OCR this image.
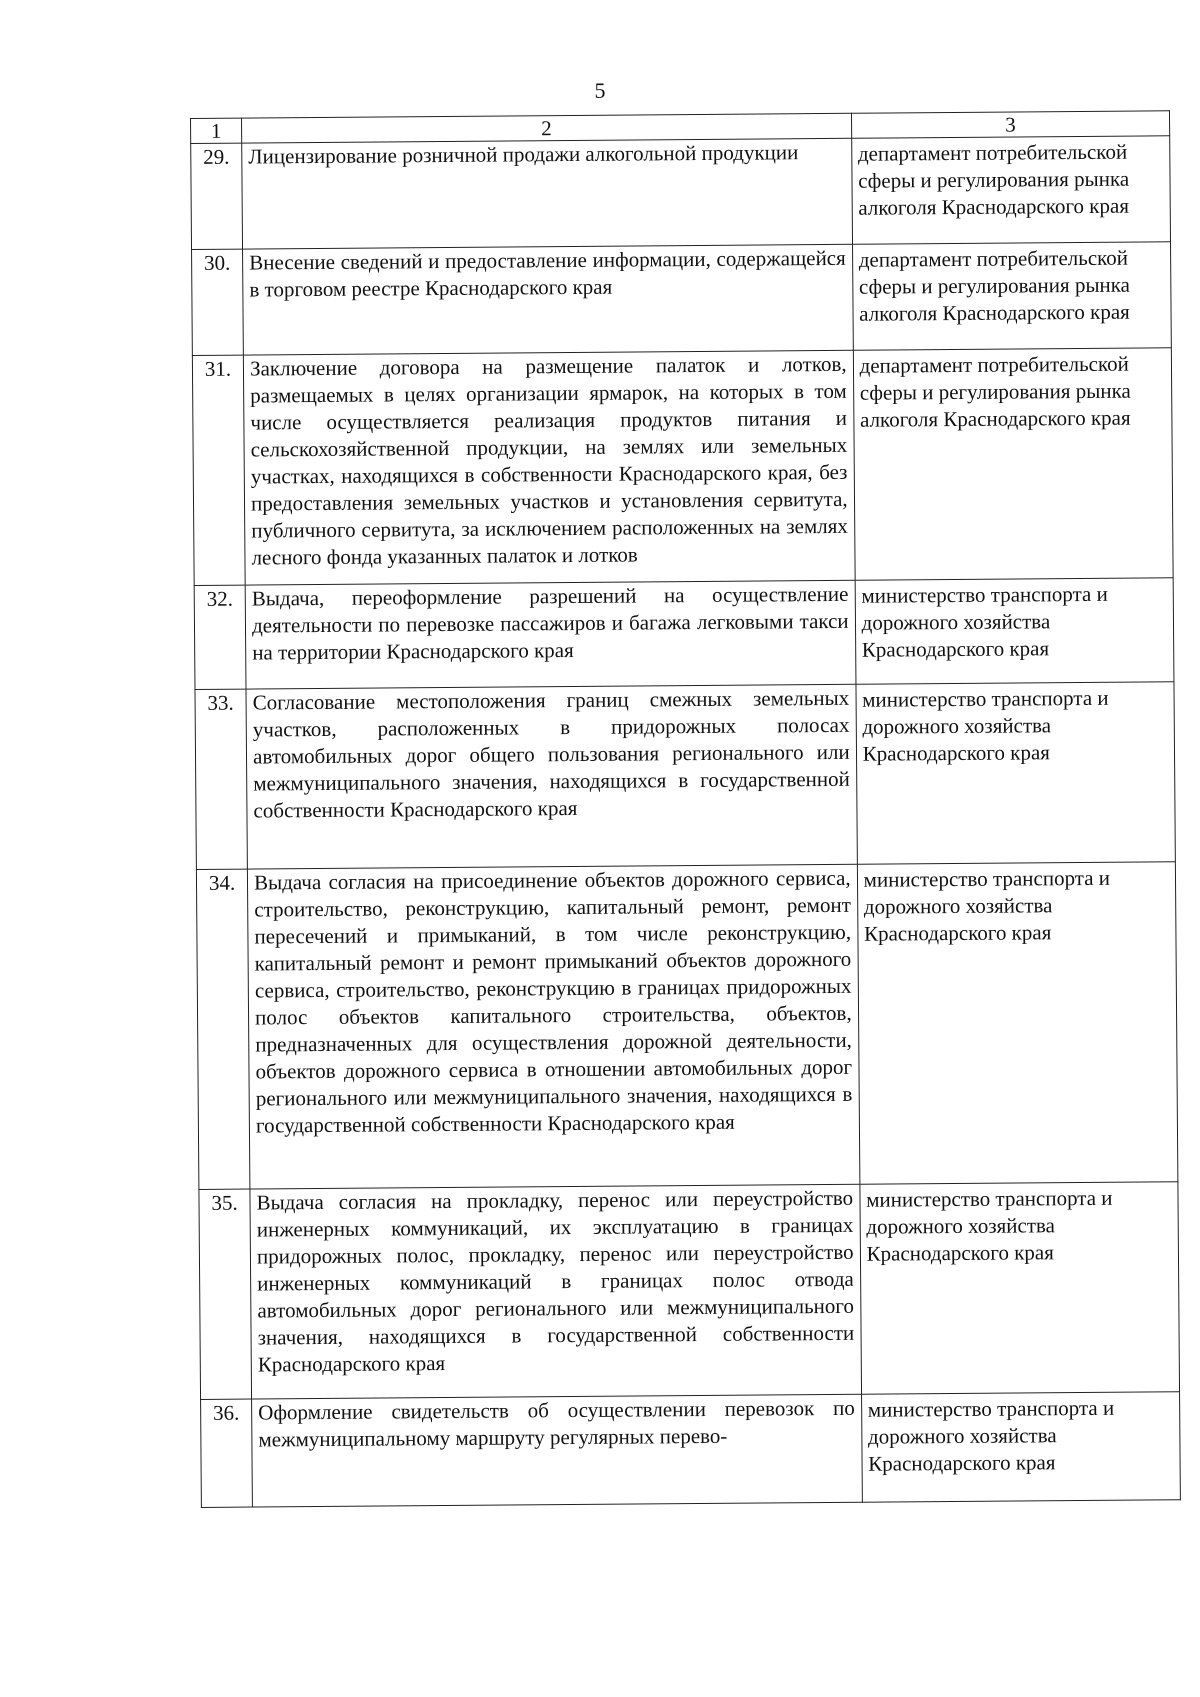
5
1	2	3
29.	Лицензирование розничной продажи алкогольной продукции	департамент потребительской сферы и регулирования рынка алкоголя Краснодарского края

30.	Внесение сведений и предоставление информации, содержащейся в торговом реестре Краснодарского края	департамент потребительской сферы и регулирования рынка алкоголя Краснодарского края

31.	Заключение договора на размещение палаток и лотков, размещаемых в целях организации ярмарок, на которых в том числе осуществляется реализация продуктов питания и сельскохозяйственной продукции, на землях или земельных участках, находящихся в собственности Краснодарского края, без предоставления земельных участков и установления сервитута, публичного сервитута, за исключением расположенных на землях лесного фонда указанных палаток и лотков	департамент потребительской сферы и регулирования рынка алкоголя Краснодарского края

32.	Выдача, переоформление разрешений на осуществление деятельности по перевозке пассажиров и багажа легковыми такси на территории Краснодарского края	министерство транспорта и дорожного хозяйства Краснодарского края

33.	Согласование местоположения границ смежных земельных участков, расположенных в придорожных полосах автомобильных дорог общего пользования регионального или межмуниципального значения, находящихся в государственной собственности Краснодарского края	министерство транспорта и дорожного хозяйства Краснодарского края

34.	Выдача согласия на присоединение объектов дорожного сервиса, строительство, реконструкцию, капитальный ремонт, ремонт пересечений и примыканий, в том числе реконструкцию, капитальный ремонт и ремонт примыканий объектов дорожного сервиса, строительство, реконструкцию в границах придорожных полос объектов капитального строительства, объектов, предназначенных для осуществления дорожной деятельности, объектов дорожного сервиса в отношении автомобильных дорог регионального или межмуниципального значения, находящихся в государственной собственности Краснодарского края	министерство транспорта и дорожного хозяйства Краснодарского края

35.	Выдача согласия на прокладку, перенос или переустройство инженерных коммуникаций, их эксплуатацию в границах придорожных полос, прокладку, перенос или переустройство инженерных коммуникаций в границах полос отвода автомобильных дорог регионального или межмуниципального значения, находящихся в государственной собственности Краснодарского края	министерство транспорта и дорожного хозяйства Краснодарского края

36.	Оформление свидетельств об осуществлении перевозок по межмуниципальному маршруту регулярных перево-	министерство транспорта и дорожного хозяйства Краснодарского края
